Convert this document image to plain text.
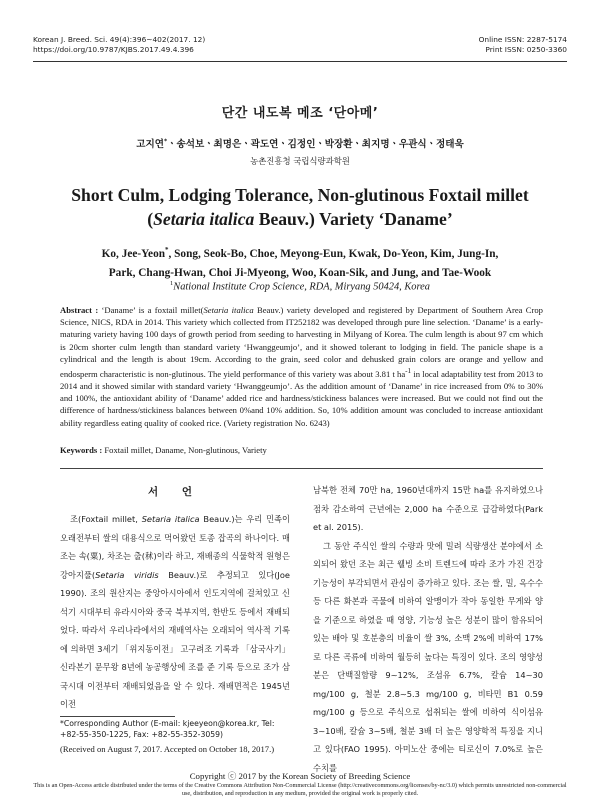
Korean J. Breed. Sci. 49(4):396~402(2017. 12)
https://doi.org/10.9787/KJBS.2017.49.4.396
Online ISSN: 2287-5174
Print ISSN: 0250-3360
단간 내도복 메조 ‘단아메’
고지연*ㆍ송석보ㆍ최명은ㆍ곽도연ㆍ김정인ㆍ박장환ㆍ최지명ㆍ우관식ㆍ정태욱
농촌진흥청 국립식량과학원
Short Culm, Lodging Tolerance, Non-glutinous Foxtail millet
(Setaria italica Beauv.) Variety ‘Daname’
Ko, Jee-Yeon*, Song, Seok-Bo, Choe, Meyong-Eun, Kwak, Do-Yeon, Kim, Jung-In,
Park, Chang-Hwan, Choi Ji-Myeong, Woo, Koan-Sik, and Jung, and Tae-Wook
$^1$National Institute Crop Science, RDA, Miryang 50424, Korea
Abstract : ‘Daname’ is a foxtail millet(Setaria italica Beauv.) variety developed and registered by Department of Southern Area Crop Science, NICS, RDA in 2014. This variety which collected from IT252182 was developed through pure line selection. ‘Daname’ is a early-maturing variety having 100 days of growth period from seeding to harvesting in Milyang of Korea. The culm length is about 97 cm which is 20cm shorter culm length than standard variety ‘Hwanggeumjo’, and it showed tolerant to lodging in field. The panicle shape is a cylindrical and the length is about 19cm. According to the grain, seed color and dehusked grain colors are orange and yellow and endosperm characteristic is non-glutinous. The yield performance of this variety was about 3.81 t $ha^{-1}$ in local adaptability test from 2013 to 2014 and it showed similar with standard variety ‘Hwanggeumjo’. As the addition amount of ‘Daname’ in rice increased from 0% to 30% and 100%, the antioxidant ability of ‘Daname’ added rice and hardness/stickiness balances were increased. But we could not find out the difference of hardness/stickiness balances between 0%and 10% addition. So, 10% addition amount was concluded to increase antioxidant ability regardless eating quality of cooked rice. (Variety registration No. 6243)
Keywords : Foxtail millet, Daname, Non-glutinous, Variety
서 언

조(Foxtail millet, Setaria italica Beauv.)는 우리 민족이 오래전부터 쌀의 대용식으로 먹어왔던 토종 잡곡의 하나이다. 매조는 속(粟), 차조는 출(秫)이라 하고, 재배종의 식물학적 원형은 강아지풀(Setaria viridis Beauv.)로 추정되고 있다(Joe 1990). 조의 원산지는 중앙아시아에서 인도지역에 걸쳐있고 신석기 시대부터 유라시아와 중국 북부지역, 한반도 등에서 재배되었다. 따라서 우리나라에서의 재배역사는 오래되어 역사적 기록에 의하면 3세기 「위지동이전」 고구려조 기록과 「삼국사기」 신라본기 문무왕 8년에 농공행상에 조를 준 기록 등으로 조가 삼국시대 이전부터 재배되었음을 알 수 있다. 재배면적은 1945년 이전

남북한 전체 70만 ha, 1960년대까지 15만 ha를 유지하였으나 점차 감소하여 근년에는 2,000 ha 수준으로 급감하였다(Park et al. 2015).

그 동안 주식인 쌀의 수량과 맛에 밀려 식량생산 분야에서 소외되어 왔던 조는 최근 웰빙 소비 트렌드에 따라 조가 가진 건강기능성이 부각되면서 관심이 증가하고 있다. 조는 쌀, 밀, 옥수수 등 다른 화본과 곡물에 비하여 알맹이가 작아 동일한 무게와 양을 기준으로 하였을 때 영양, 기능성 높은 성분이 많이 함유되어 있는 배아 및 호분층의 비율이 쌀 3%, 소맥 2%에 비하여 17%로 다른 곡류에 비하여 월등히 높다는 특징이 있다. 조의 영양성분은 단백질함량 9~12%, 조섬유 6.7%, 칼슘 14~30 mg/100 g, 철분 2.8~5.3 mg/100 g, 비타민 B1 0.59 mg/100 g 등으로 주식으로 섭취되는 쌀에 비하여 식이섬유 3~10배, 칼슘 3~5배, 철분 3배 더 높은 영양학적 특징을 지니고 있다(FAO 1995). 아미노산 중에는 티로신이 7.0%로 높은 수치를

*Corresponding Author (E-mail: kjeeyeon@korea.kr, Tel: +82-55-350-1225, Fax: +82-55-352-3059)
(Received on August 7, 2017. Accepted on October 18, 2017.)
Copyright ⓒ 2017 by the Korean Society of Breeding Science
This is an Open-Access article distributed under the terms of the Creative Commons Attribution Non-Commercial License (http://creativecommons.org/licenses/by-nc/3.0) which permits unrestricted non-commercial use, distribution, and reproduction in any medium, provided the original work is properly cited.
